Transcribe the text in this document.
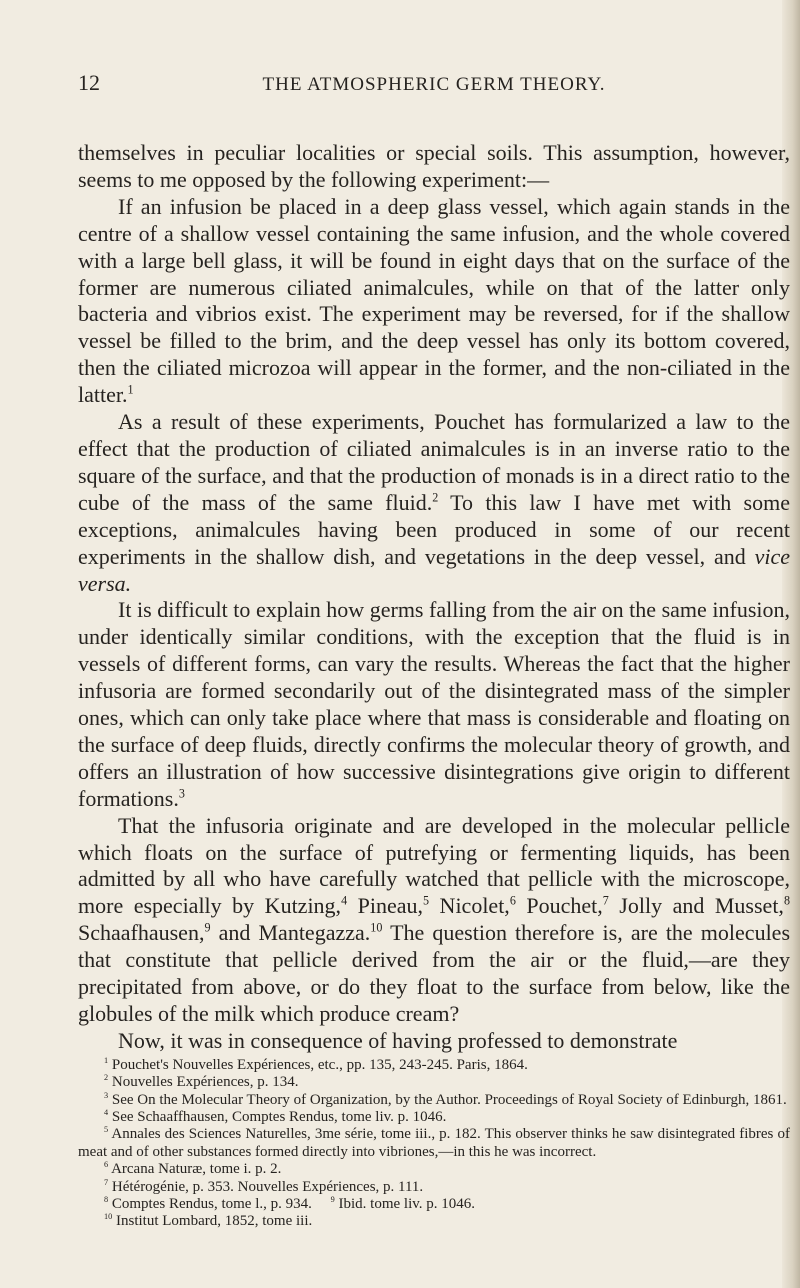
12	THE ATMOSPHERIC GERM THEORY.

themselves in peculiar localities or special soils. This assumption, however, seems to me opposed by the following experiment:—

If an infusion be placed in a deep glass vessel, which again stands in the centre of a shallow vessel containing the same infusion, and the whole covered with a large bell glass, it will be found in eight days that on the surface of the former are numerous ciliated animalcules, while on that of the latter only bacteria and vibrios exist. The experiment may be reversed, for if the shallow vessel be filled to the brim, and the deep vessel has only its bottom covered, then the ciliated microzoa will appear in the former, and the non-ciliated in the latter.$^1$

As a result of these experiments, Pouchet has formularized a law to the effect that the production of ciliated animalcules is in an inverse ratio to the square of the surface, and that the production of monads is in a direct ratio to the cube of the mass of the same fluid.$^2$ To this law I have met with some exceptions, animalcules having been produced in some of our recent experiments in the shallow dish, and vegetations in the deep vessel, and vice versa.

It is difficult to explain how germs falling from the air on the same infusion, under identically similar conditions, with the exception that the fluid is in vessels of different forms, can vary the results. Whereas the fact that the higher infusoria are formed secondarily out of the disintegrated mass of the simpler ones, which can only take place where that mass is considerable and floating on the surface of deep fluids, directly confirms the molecular theory of growth, and offers an illustration of how successive disintegrations give origin to different formations.$^3$

That the infusoria originate and are developed in the molecular pellicle which floats on the surface of putrefying or fermenting liquids, has been admitted by all who have carefully watched that pellicle with the microscope, more especially by Kutzing,$^4$ Pineau,$^5$ Nicolet,$^6$ Pouchet,$^7$ Jolly and Musset,$^8$ Schaafhausen,$^9$ and Mantegazza.$^{10}$ The question therefore is, are the molecules that constitute that pellicle derived from the air or the fluid,—are they precipitated from above, or do they float to the surface from below, like the globules of the milk which produce cream?

Now, it was in consequence of having professed to demonstrate

$^1$ Pouchet's Nouvelles Expériences, etc., pp. 135, 243-245. Paris, 1864.

$^2$ Nouvelles Expériences, p. 134.

$^3$ See On the Molecular Theory of Organization, by the Author. Proceedings of Royal Society of Edinburgh, 1861.

$^4$ See Schaaffhausen, Comptes Rendus, tome liv. p. 1046.

$^5$ Annales des Sciences Naturelles, 3me série, tome iii., p. 182. This observer thinks he saw disintegrated fibres of meat and of other substances formed directly into vibriones,—in this he was incorrect.

$^6$ Arcana Naturæ, tome i. p. 2.

$^7$ Hétérogénie, p. 353. Nouvelles Expériences, p. 111.

$^8$ Comptes Rendus, tome l., p. 934. $^9$ Ibid. tome liv. p. 1046.

$^{10}$ Institut Lombard, 1852, tome iii.
